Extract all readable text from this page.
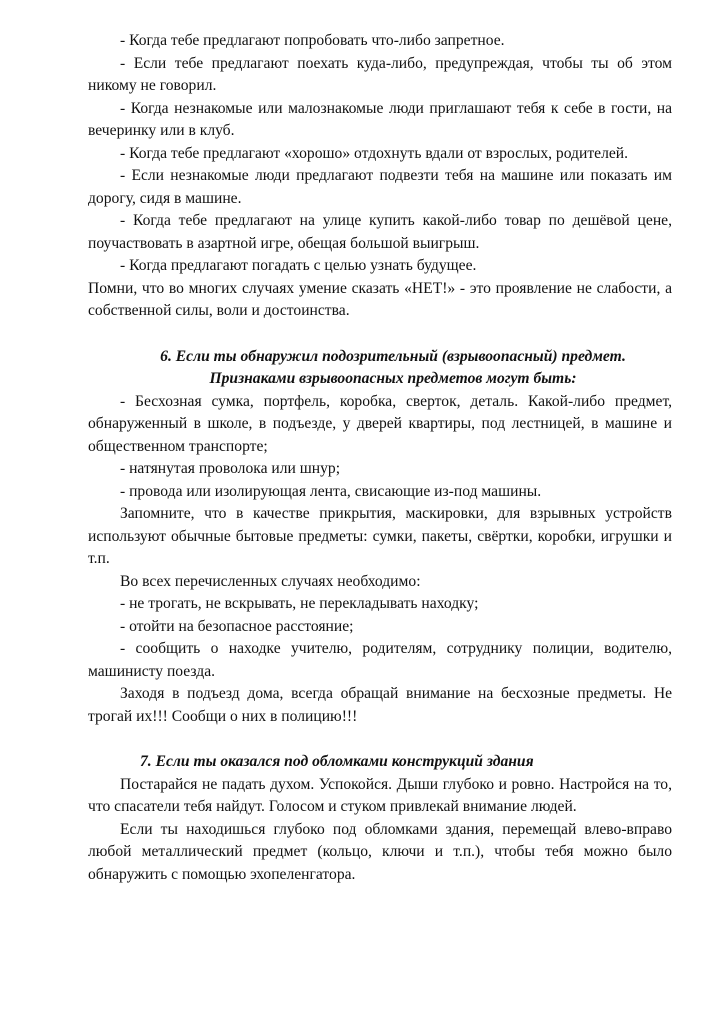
- Когда тебе предлагают попробовать что-либо запретное.

- Если тебе предлагают поехать куда-либо, предупреждая, чтобы ты об этом никому не говорил.

- Когда незнакомые или малознакомые люди приглашают тебя к себе в гости, на вечеринку или в клуб.

- Когда тебе предлагают «хорошо» отдохнуть вдали от взрослых, родителей.

- Если незнакомые люди предлагают подвезти тебя на машине или показать им дорогу, сидя в машине.

- Когда тебе предлагают на улице купить какой-либо товар по дешёвой цене, поучаствовать в азартной игре, обещая большой выигрыш.

- Когда предлагают погадать с целью узнать будущее.

Помни, что во многих случаях умение сказать «НЕТ!» - это проявление не слабости, а собственной силы, воли и достоинства.

6. Если ты обнаружил подозрительный (взрывоопасный) предмет.
Признаками взрывоопасных предметов могут быть:

- Бесхозная сумка, портфель, коробка, сверток, деталь. Какой-либо предмет, обнаруженный в школе, в подъезде, у дверей квартиры, под лестницей, в машине и общественном транспорте;

- натянутая проволока или шнур;

- провода или изолирующая лента, свисающие из-под машины.

Запомните, что в качестве прикрытия, маскировки, для взрывных устройств используют обычные бытовые предметы: сумки, пакеты, свёртки, коробки, игрушки и т.п.

Во всех перечисленных случаях необходимо:

- не трогать, не вскрывать, не перекладывать находку;

- отойти на безопасное расстояние;

- сообщить о находке учителю, родителям, сотруднику полиции, водителю, машинисту поезда.

Заходя в подъезд дома, всегда обращай внимание на бесхозные предметы. Не трогай их!!! Сообщи о них в полицию!!!

7. Если ты оказался под обломками конструкций здания

Постарайся не падать духом. Успокойся. Дыши глубоко и ровно. Настройся на то, что спасатели тебя найдут. Голосом и стуком привлекай внимание людей.

Если ты находишься глубоко под обломками здания, перемещай влево-вправо любой металлический предмет (кольцо, ключи и т.п.), чтобы тебя можно было обнаружить с помощью эхопеленгатора.
